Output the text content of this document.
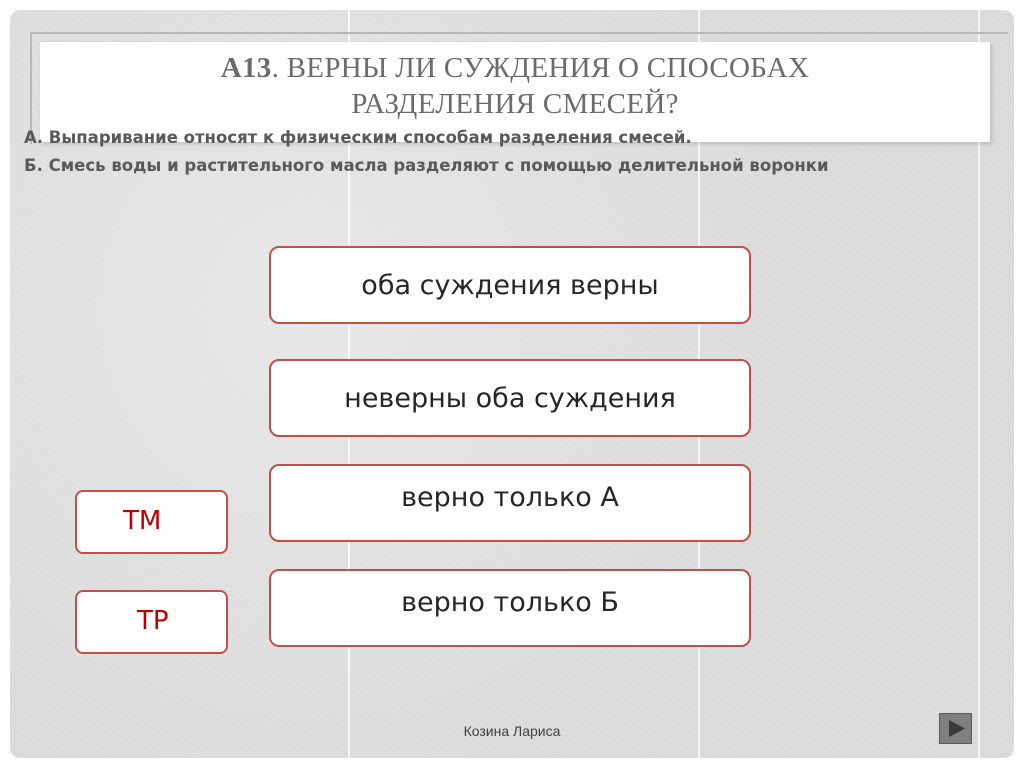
А13. ВЕРНЫ ЛИ СУЖДЕНИЯ О СПОСОБАХ
РАЗДЕЛЕНИЯ СМЕСЕЙ?
А. Выпаривание относят к физическим способам разделения смесей.
Б. Смесь воды и растительного масла разделяют с помощью делительной воронки
оба суждения верны
неверны оба суждения
верно только А
верно только Б
ТМ
ТР
Козина Лариса
